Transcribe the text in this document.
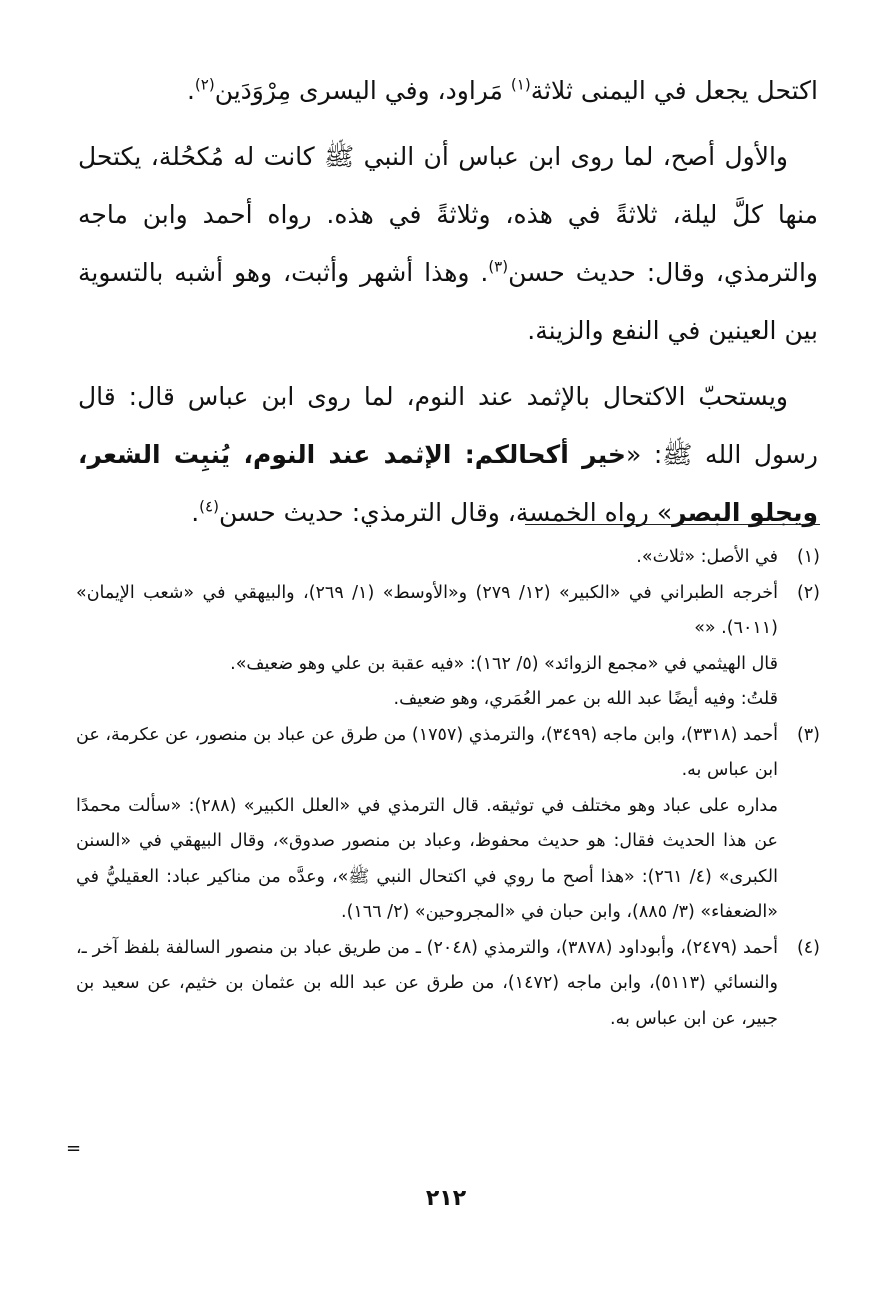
اكتحل يجعل في اليمنى ثلاثة$^{(١)}$ مَراود، وفي اليسرى مِرْوَدَين$^{(٢)}$.

والأول أصح، لما روى ابن عباس أن النبي ﷺ كانت له مُكحُلة، يكتحل منها كلَّ ليلة، ثلاثةً في هذه، وثلاثةً في هذه. رواه أحمد وابن ماجه والترمذي، وقال: حديث حسن$^{(٣)}$. وهذا أشهر وأثبت، وهو أشبه بالتسوية بين العينين في النفع والزينة.

ويستحبّ الاكتحال بالإثمد عند النوم، لما روى ابن عباس قال: قال رسول الله ﷺ: «خير أكحالكم: الإثمد عند النوم، يُنبِت الشعر، ويجلو البصر» رواه الخمسة، وقال الترمذي: حديث حسن$^{(٤)}$.

(١)
في الأصل: «ثلاث».
(٢)
أخرجه الطبراني في «الكبير» (١٢/ ٢٧٩) و«الأوسط» (١/ ٢٦٩)، والبيهقي في «شعب الإيمان» (٦٠١١). «»
قال الهيثمي في «مجمع الزوائد» (٥/ ١٦٢): «فيه عقبة بن علي وهو ضعيف».
قلتُ: وفيه أيضًا عبد الله بن عمر العُمَري، وهو ضعيف.
(٣)
أحمد (٣٣١٨)، وابن ماجه (٣٤٩٩)، والترمذي (١٧٥٧) من طرق عن عباد بن منصور، عن عكرمة، عن ابن عباس به.
مداره على عباد وهو مختلف في توثيقه. قال الترمذي في «العلل الكبير» (٢٨٨): «سألت محمدًا عن هذا الحديث فقال: هو حديث محفوظ، وعباد بن منصور صدوق»، وقال البيهقي في «السنن الكبرى» (٤/ ٢٦١): «هذا أصح ما روي في اكتحال النبي ﷺ»، وعدَّه من مناكير عباد: العقيليُّ في «الضعفاء» (٣/ ٨٨٥)، وابن حبان في «المجروحين» (٢/ ١٦٦).
(٤)
أحمد (٢٤٧٩)، وأبوداود (٣٨٧٨)، والترمذي (٢٠٤٨) ـ من طريق عباد بن منصور السالفة بلفظ آخر ـ، والنسائي (٥١١٣)، وابن ماجه (١٤٧٢)، من طرق عن عبد الله بن عثمان بن خثيم، عن سعيد بن جبير، عن ابن عباس به.
=
٢١٢
